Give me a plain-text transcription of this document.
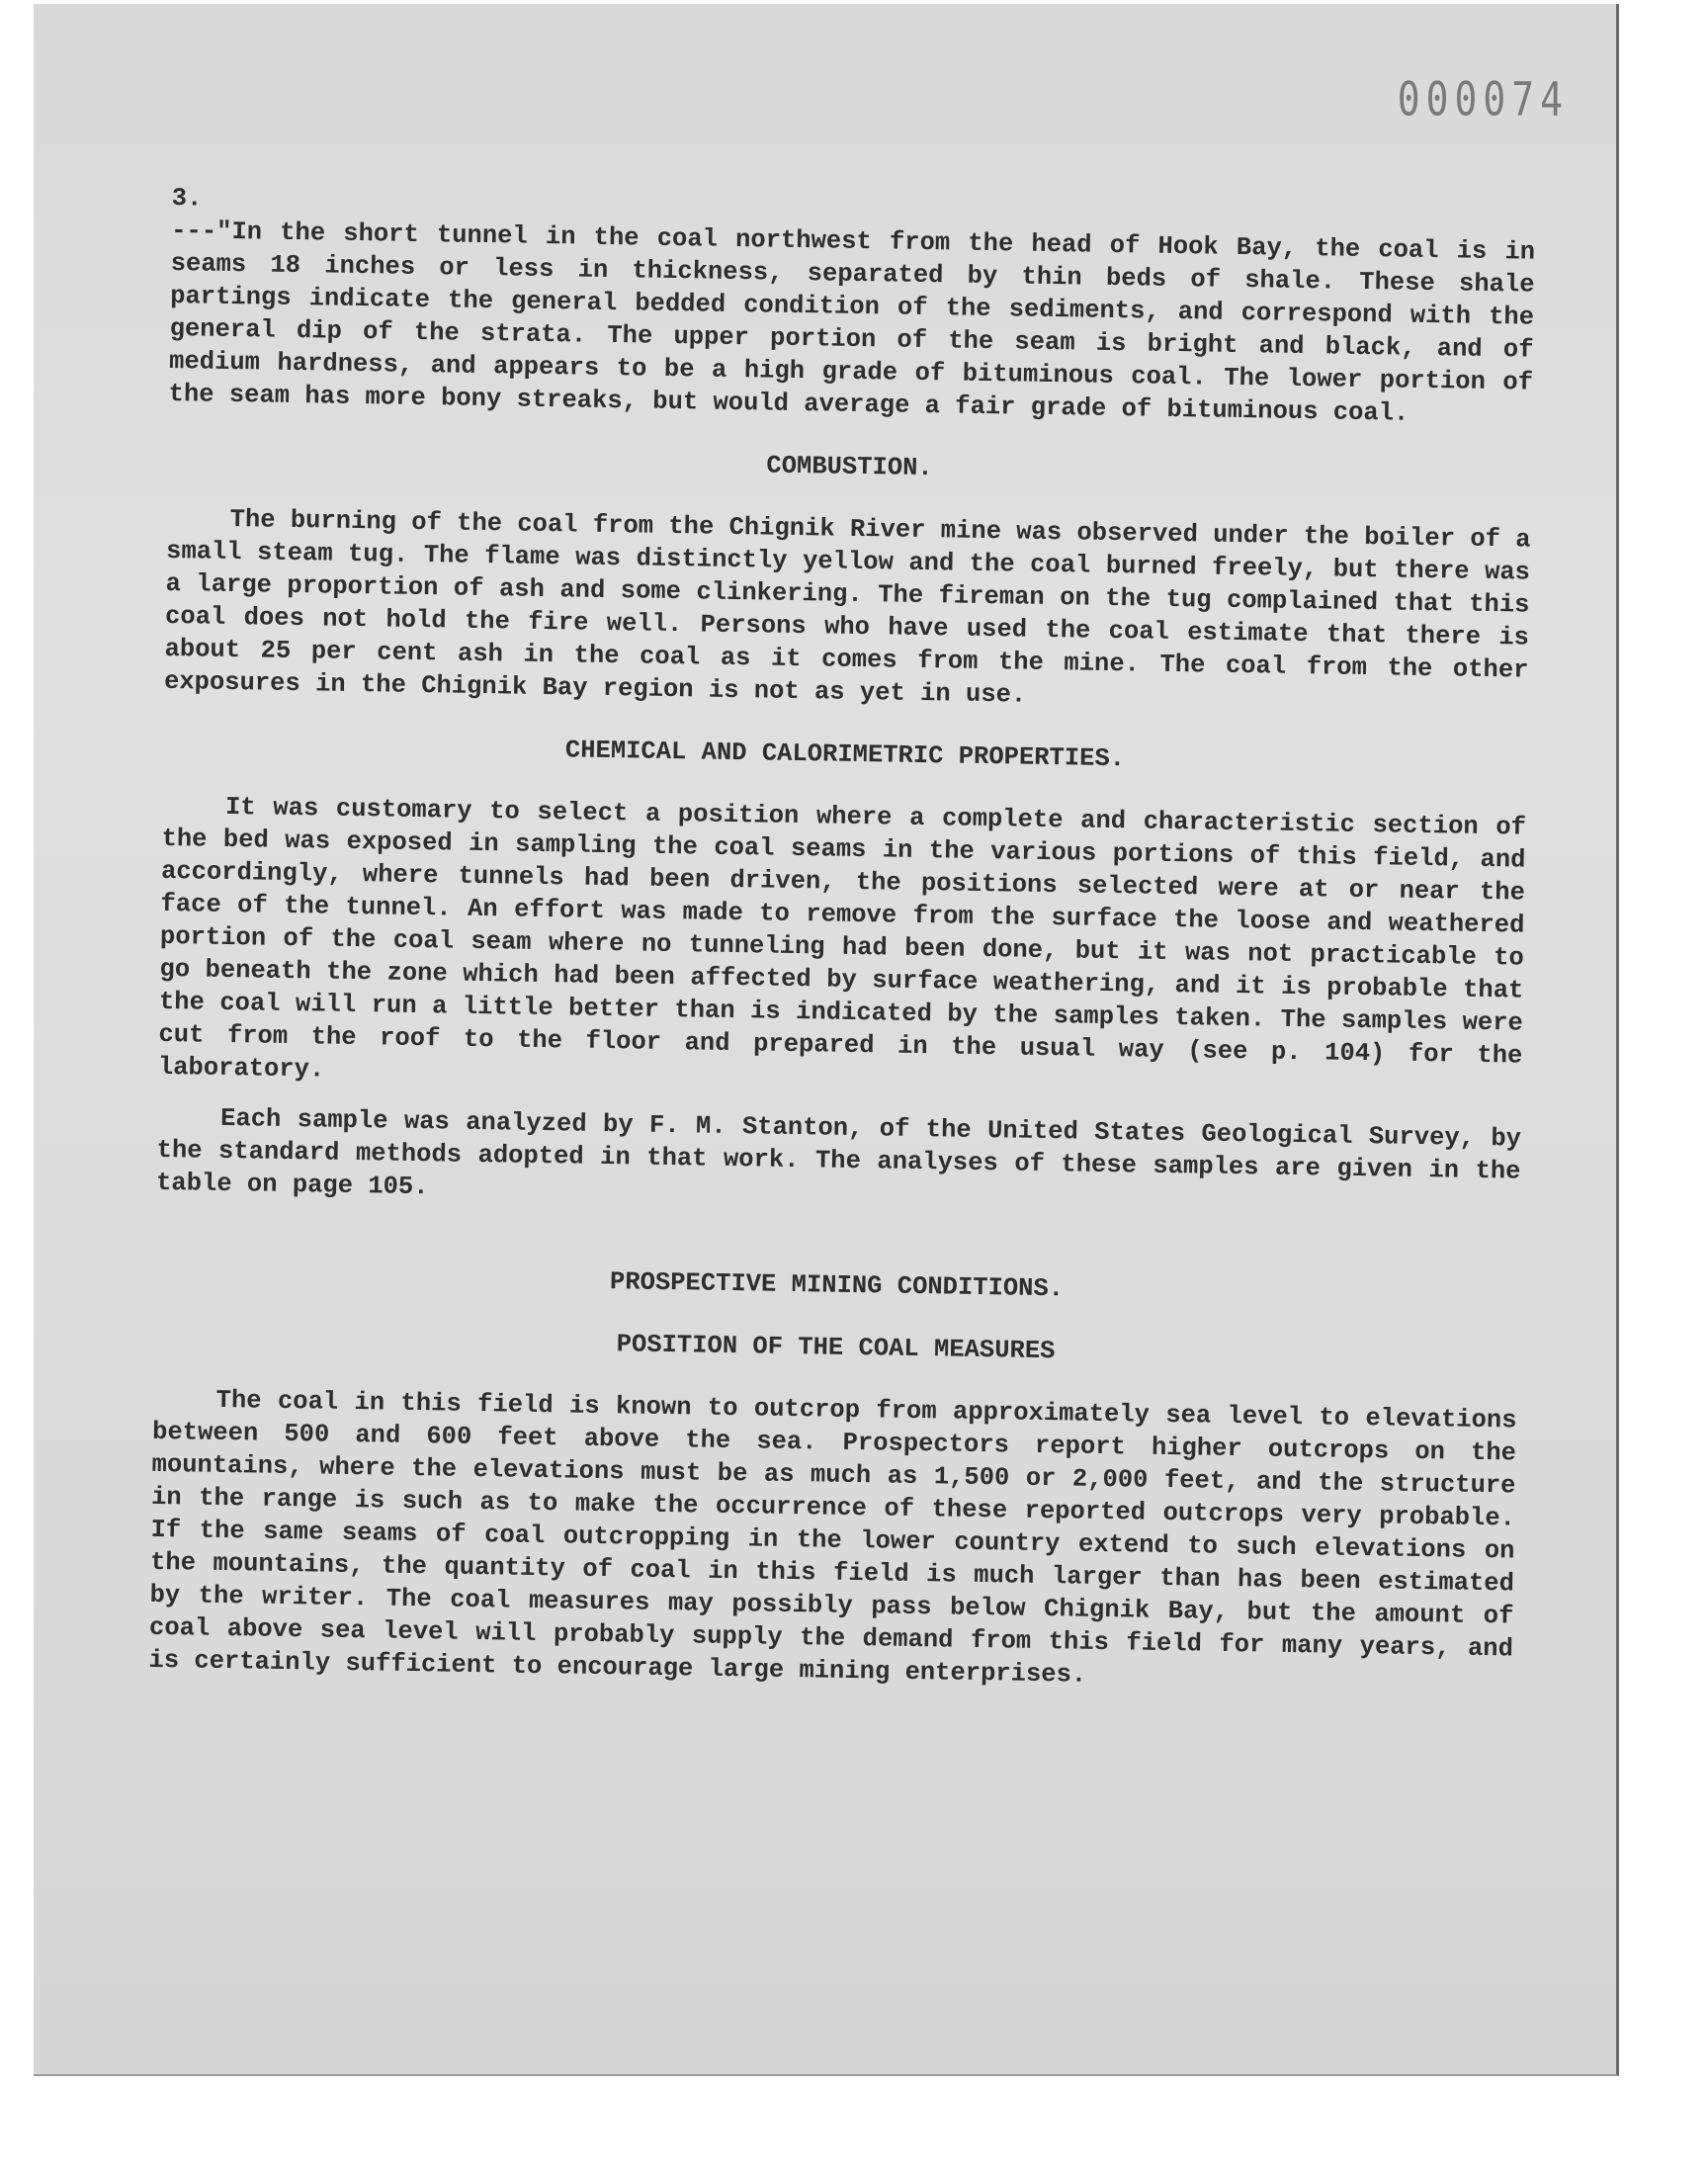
000074

3.

---"In the short tunnel in the coal northwest from the head of Hook Bay, the coal is in seams 18 inches or less in thickness, separated by thin beds of shale. These shale partings indicate the general bedded condition of the sediments, and correspond with the general dip of the strata. The upper portion of the seam is bright and black, and of medium hardness, and appears to be a high grade of bituminous coal. The lower portion of the seam has more bony streaks, but would average a fair grade of bituminous coal.

COMBUSTION.

The burning of the coal from the Chignik River mine was observed under the boiler of a small steam tug. The flame was distinctly yellow and the coal burned freely, but there was a large proportion of ash and some clinkering. The fireman on the tug complained that this coal does not hold the fire well. Persons who have used the coal estimate that there is about 25 per cent ash in the coal as it comes from the mine. The coal from the other exposures in the Chignik Bay region is not as yet in use.

CHEMICAL AND CALORIMETRIC PROPERTIES.

It was customary to select a position where a complete and characteristic section of the bed was exposed in sampling the coal seams in the various portions of this field, and accordingly, where tunnels had been driven, the positions selected were at or near the face of the tunnel. An effort was made to remove from the surface the loose and weathered portion of the coal seam where no tunneling had been done, but it was not practicable to go beneath the zone which had been affected by surface weathering, and it is probable that the coal will run a little better than is indicated by the samples taken. The samples were cut from the roof to the floor and prepared in the usual way (see p. 104) for the laboratory.

Each sample was analyzed by F. M. Stanton, of the United States Geological Survey, by the standard methods adopted in that work. The analyses of these samples are given in the table on page 105.

PROSPECTIVE MINING CONDITIONS.
POSITION OF THE COAL MEASURES

The coal in this field is known to outcrop from approximately sea level to elevations between 500 and 600 feet above the sea. Prospectors report higher outcrops on the mountains, where the elevations must be as much as 1,500 or 2,000 feet, and the structure in the range is such as to make the occurrence of these reported outcrops very probable. If the same seams of coal outcropping in the lower country extend to such elevations on the mountains, the quantity of coal in this field is much larger than has been estimated by the writer. The coal measures may possibly pass below Chignik Bay, but the amount of coal above sea level will probably supply the demand from this field for many years, and is certainly sufficient to encourage large mining enterprises.
